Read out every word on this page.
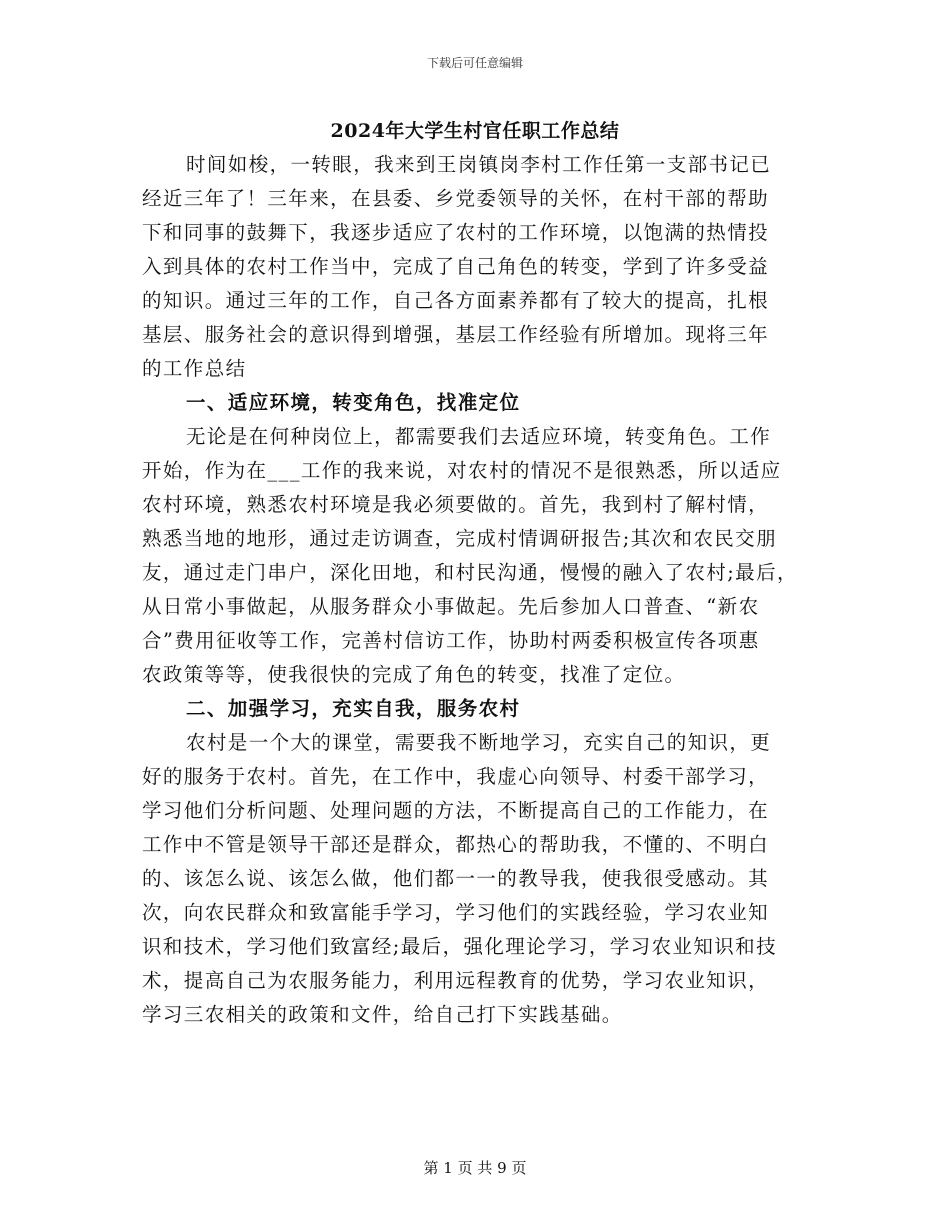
下载后可任意编辑
2024年大学生村官任职工作总结
时间如梭，一转眼，我来到王岗镇岗李村工作任第一支部书记已
经近三年了！三年来，在县委、乡党委领导的关怀，在村干部的帮助
下和同事的鼓舞下，我逐步适应了农村的工作环境，以饱满的热情投
入到具体的农村工作当中，完成了自己角色的转变，学到了许多受益
的知识。通过三年的工作，自己各方面素养都有了较大的提高，扎根
基层、服务社会的意识得到增强，基层工作经验有所增加。现将三年
的工作总结
一、适应环境，转变角色，找准定位
无论是在何种岗位上，都需要我们去适应环境，转变角色。工作
开始，作为在___工作的我来说，对农村的情况不是很熟悉，所以适应
农村环境，熟悉农村环境是我必须要做的。首先，我到村了解村情，
熟悉当地的地形，通过走访调查，完成村情调研报告;其次和农民交朋
友，通过走门串户，深化田地，和村民沟通，慢慢的融入了农村;最后，
从日常小事做起，从服务群众小事做起。先后参加人口普查、“新农
合”费用征收等工作，完善村信访工作，协助村两委积极宣传各项惠
农政策等等，使我很快的完成了角色的转变，找准了定位。
二、加强学习，充实自我，服务农村
农村是一个大的课堂，需要我不断地学习，充实自己的知识，更
好的服务于农村。首先，在工作中，我虚心向领导、村委干部学习，
学习他们分析问题、处理问题的方法，不断提高自己的工作能力，在
工作中不管是领导干部还是群众，都热心的帮助我，不懂的、不明白
的、该怎么说、该怎么做，他们都一一的教导我，使我很受感动。其
次，向农民群众和致富能手学习，学习他们的实践经验，学习农业知
识和技术，学习他们致富经;最后，强化理论学习，学习农业知识和技
术，提高自己为农服务能力，利用远程教育的优势，学习农业知识，
学习三农相关的政策和文件，给自己打下实践基础。
第 1 页 共 9 页
